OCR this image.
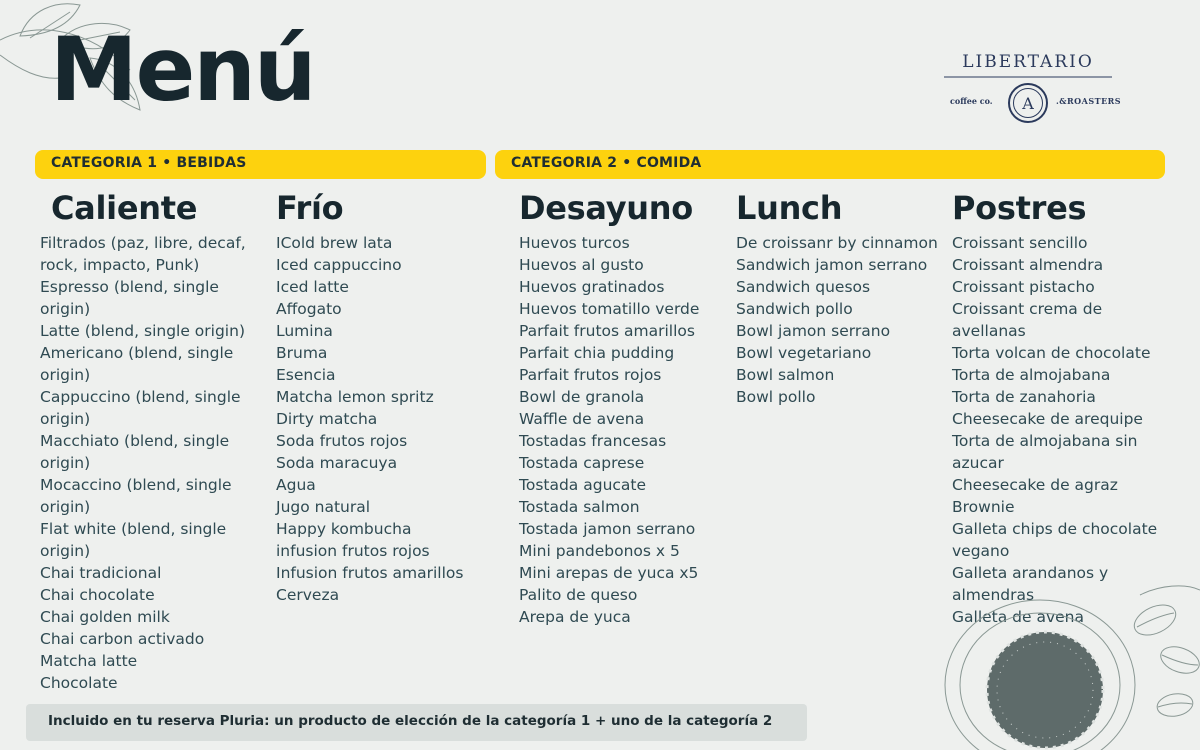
Menú	LIBERTARIO
coffee co.	A	.&ROASTERS
CATEGORIA 1 • BEBIDAS	CATEGORIA 2 • COMIDA
Caliente
Filtrados (paz, libre, decaf, rock, impacto, Punk)
Espresso (blend, single origin)
Latte (blend, single origin)
Americano (blend, single origin)
Cappuccino (blend, single origin)
Macchiato (blend, single origin)
Mocaccino (blend, single origin)
Flat white (blend, single origin)
Chai tradicional
Chai chocolate
Chai golden milk
Chai carbon activado
Matcha latte
Chocolate
Frío
ICold brew lata
Iced cappuccino
Iced latte
Affogato
Lumina
Bruma
Esencia
Matcha lemon spritz
Dirty matcha
Soda frutos rojos
Soda maracuya
Agua
Jugo natural
Happy kombucha
infusion frutos rojos
Infusion frutos amarillos
Cerveza
Desayuno
Huevos turcos
Huevos al gusto
Huevos gratinados
Huevos tomatillo verde
Parfait frutos amarillos
Parfait chia pudding
Parfait frutos rojos
Bowl de granola
Waffle de avena
Tostadas francesas
Tostada caprese
Tostada agucate
Tostada salmon
Tostada jamon serrano
Mini pandebonos x 5
Mini arepas de yuca x5
Palito de queso
Arepa de yuca
Lunch
De croissanr by cinnamon
Sandwich jamon serrano
Sandwich quesos
Sandwich pollo
Bowl jamon serrano
Bowl vegetariano
Bowl salmon
Bowl pollo
Postres
Croissant sencillo
Croissant almendra
Croissant pistacho
Croissant crema de avellanas
Torta volcan de chocolate
Torta de almojabana
Torta de zanahoria
Cheesecake de arequipe
Torta de almojabana sin azucar
Cheesecake de agraz
Brownie
Galleta chips de chocolate vegano
Galleta arandanos y almendras
Galleta de avena
Incluido en tu reserva Pluria: un producto de elección de la categoría 1 + uno de la categoría 2
